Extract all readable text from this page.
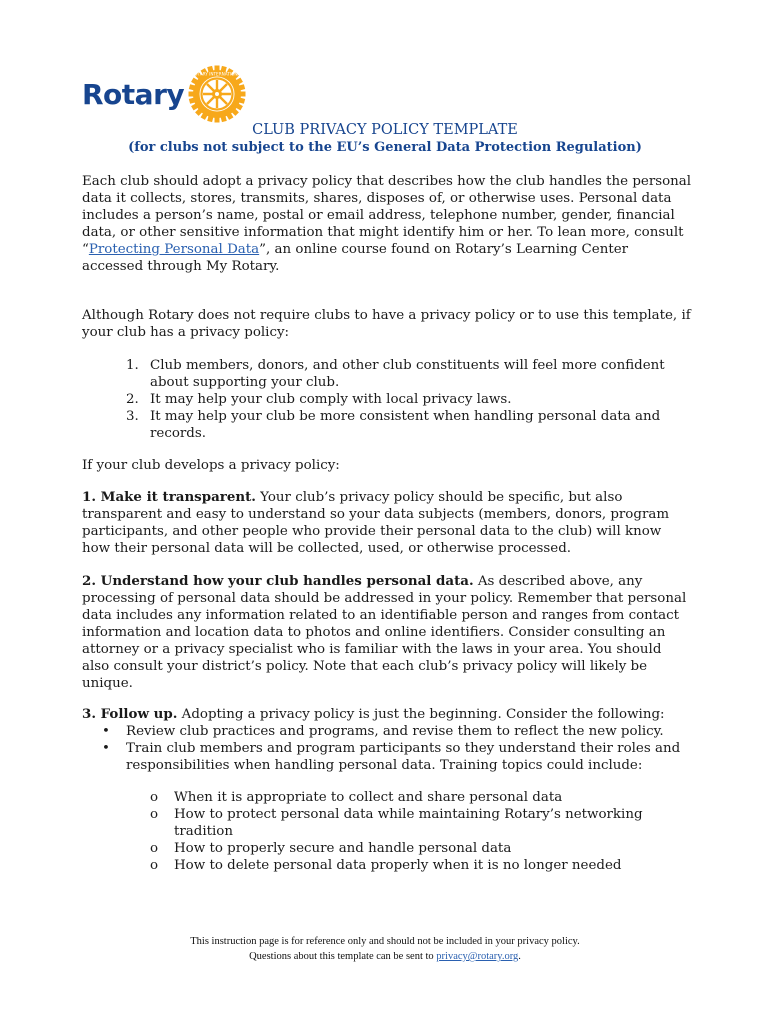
Rotary
ROTARY INTERNATIONAL
CLUB PRIVACY POLICY TEMPLATE
(for clubs not subject to the EU’s General Data Protection Regulation)
Each club should adopt a privacy policy that describes how the club handles the personal data it collects, stores, transmits, shares, disposes of, or otherwise uses. Personal data includes a person’s name, postal or email address, telephone number, gender, financial data, or other sensitive information that might identify him or her. To lean more, consult “Protecting Personal Data”, an online course found on Rotary’s Learning Center accessed through My Rotary.
Although Rotary does not require clubs to have a privacy policy or to use this template, if your club has a privacy policy:
1. Club members, donors, and other club constituents will feel more confident about supporting your club.
2. It may help your club comply with local privacy laws.
3. It may help your club be more consistent when handling personal data and records.
If your club develops a privacy policy:
1. Make it transparent. Your club’s privacy policy should be specific, but also transparent and easy to understand so your data subjects (members, donors, program participants, and other people who provide their personal data to the club) will know how their personal data will be collected, used, or otherwise processed.
2. Understand how your club handles personal data. As described above, any processing of personal data should be addressed in your policy. Remember that personal data includes any information related to an identifiable person and ranges from contact information and location data to photos and online identifiers. Consider consulting an attorney or a privacy specialist who is familiar with the laws in your area. You should also consult your district’s policy. Note that each club’s privacy policy will likely be unique.
3. Follow up. Adopting a privacy policy is just the beginning. Consider the following:
•	Review club practices and programs, and revise them to reflect the new policy.
•	Train club members and program participants so they understand their roles and responsibilities when handling personal data. Training topics could include:
o	When it is appropriate to collect and share personal data
o	How to protect personal data while maintaining Rotary’s networking tradition
o	How to properly secure and handle personal data
o	How to delete personal data properly when it is no longer needed
This instruction page is for reference only and should not be included in your privacy policy.
Questions about this template can be sent to privacy@rotary.org.
